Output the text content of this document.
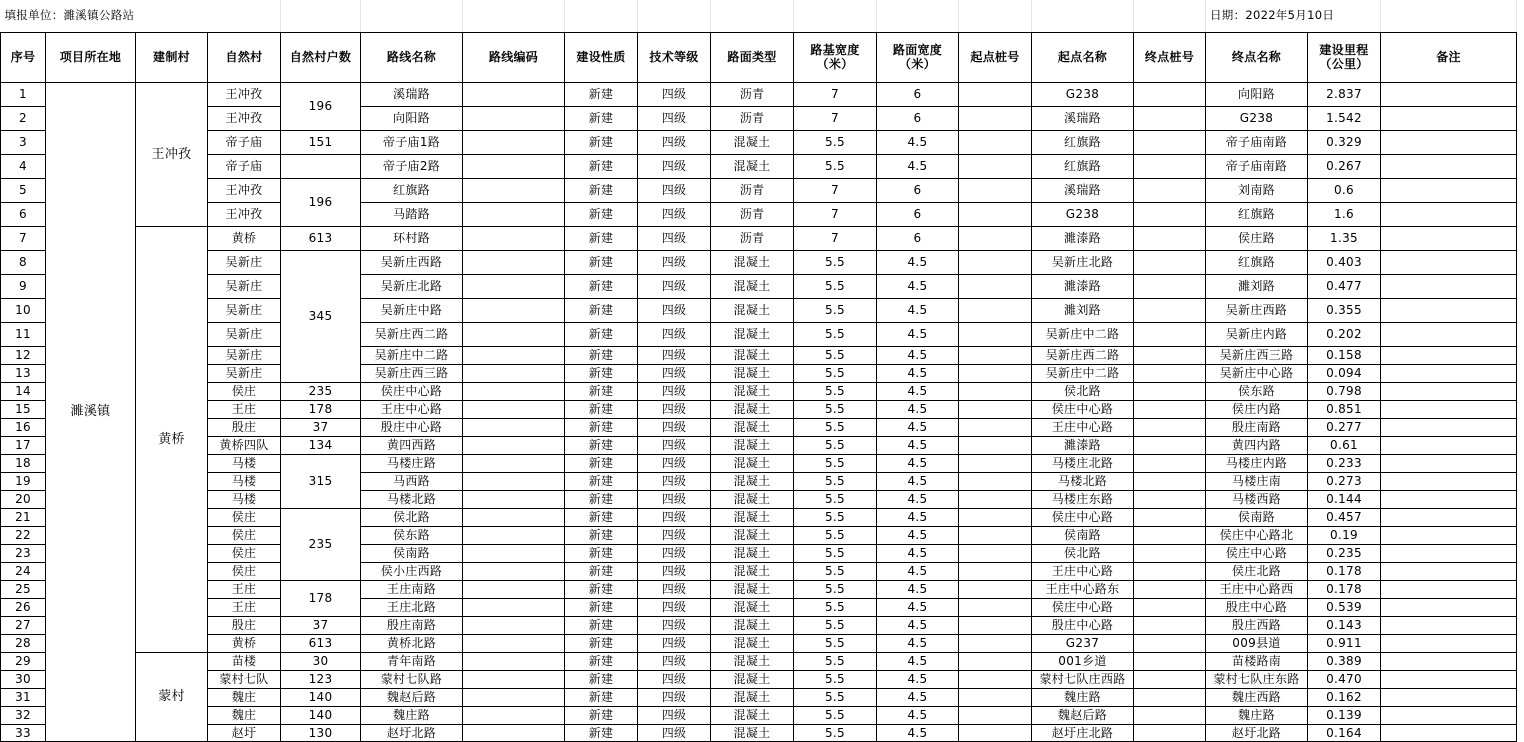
填报单位：濉溪镇公路站															日期：2022年5月10日		
序号	项目所在地	建制村	自然村	自然村户数	路线名称	路线编码	建设性质	技术等级	路面类型	路基宽度
（米）	路面宽度
（米）	起点桩号	起点名称	终点桩号	终点名称	建设里程
（公里）	备注
1	濉溪镇	王冲孜	王冲孜	196	溪瑞路		新建	四级	沥青	7	6		G238		向阳路	2.837	
2			王冲孜		向阳路		新建	四级	沥青	7	6		溪瑞路		G238	1.542	
3			帝子庙	151	帝子庙1路		新建	四级	混凝土	5.5	4.5		红旗路		帝子庙南路	0.329	
4			帝子庙		帝子庙2路		新建	四级	混凝土	5.5	4.5		红旗路		帝子庙南路	0.267	
5			王冲孜	196	红旗路		新建	四级	沥青	7	6		溪瑞路		刘南路	0.6	
6			王冲孜		马踏路		新建	四级	沥青	7	6		G238		红旗路	1.6	
7		黄桥	黄桥	613	环村路		新建	四级	沥青	7	6		濉溙路		侯庄路	1.35	
8			吴新庄	345	吴新庄西路		新建	四级	混凝土	5.5	4.5		吴新庄北路		红旗路	0.403	
9			吴新庄		吴新庄北路		新建	四级	混凝土	5.5	4.5		濉溙路		濉刘路	0.477	
10			吴新庄		吴新庄中路		新建	四级	混凝土	5.5	4.5		濉刘路		吴新庄西路	0.355	
11			吴新庄		吴新庄西二路		新建	四级	混凝土	5.5	4.5		吴新庄中二路		吴新庄内路	0.202	
12			吴新庄		吴新庄中二路		新建	四级	混凝土	5.5	4.5		吴新庄西二路		吴新庄西三路	0.158	
13			吴新庄		吴新庄西三路		新建	四级	混凝土	5.5	4.5		吴新庄中二路		吴新庄中心路	0.094	
14			侯庄	235	侯庄中心路		新建	四级	混凝土	5.5	4.5		侯北路		侯东路	0.798	
15			王庄	178	王庄中心路		新建	四级	混凝土	5.5	4.5		侯庄中心路		侯庄内路	0.851	
16			殷庄	37	殷庄中心路		新建	四级	混凝土	5.5	4.5		王庄中心路		殷庄南路	0.277	
17			黄桥四队	134	黄四西路		新建	四级	混凝土	5.5	4.5		濉溙路		黄四内路	0.61	
18			马楼	315	马楼庄路		新建	四级	混凝土	5.5	4.5		马楼庄北路		马楼庄内路	0.233	
19			马楼		马西路		新建	四级	混凝土	5.5	4.5		马楼北路		马楼庄南	0.273	
20			马楼		马楼北路		新建	四级	混凝土	5.5	4.5		马楼庄东路		马楼西路	0.144	
21			侯庄	235	侯北路		新建	四级	混凝土	5.5	4.5		侯庄中心路		侯南路	0.457	
22			侯庄		侯东路		新建	四级	混凝土	5.5	4.5		侯南路		侯庄中心路北	0.19	
23			侯庄		侯南路		新建	四级	混凝土	5.5	4.5		侯北路		侯庄中心路	0.235	
24			侯庄		侯小庄西路		新建	四级	混凝土	5.5	4.5		王庄中心路		侯庄北路	0.178	
25			王庄	178	王庄南路		新建	四级	混凝土	5.5	4.5		王庄中心路东		王庄中心路西	0.178	
26			王庄		王庄北路		新建	四级	混凝土	5.5	4.5		侯庄中心路		殷庄中心路	0.539	
27			殷庄	37	殷庄南路		新建	四级	混凝土	5.5	4.5		殷庄中心路		殷庄西路	0.143	
28			黄桥	613	黄桥北路		新建	四级	混凝土	5.5	4.5		G237		009县道	0.911	
29		蒙村	苗楼	30	青年南路		新建	四级	混凝土	5.5	4.5		001乡道		苗楼路南	0.389	
30			蒙村七队	123	蒙村七队路		新建	四级	混凝土	5.5	4.5		蒙村七队庄西路		蒙村七队庄东路	0.470	
31			魏庄	140	魏赵后路		新建	四级	混凝土	5.5	4.5		魏庄路		魏庄西路	0.162	
32			魏庄	140	魏庄路		新建	四级	混凝土	5.5	4.5		魏赵后路		魏庄路	0.139	
33			赵圩	130	赵圩北路		新建	四级	混凝土	5.5	4.5		赵圩庄北路		赵圩北路	0.164	
